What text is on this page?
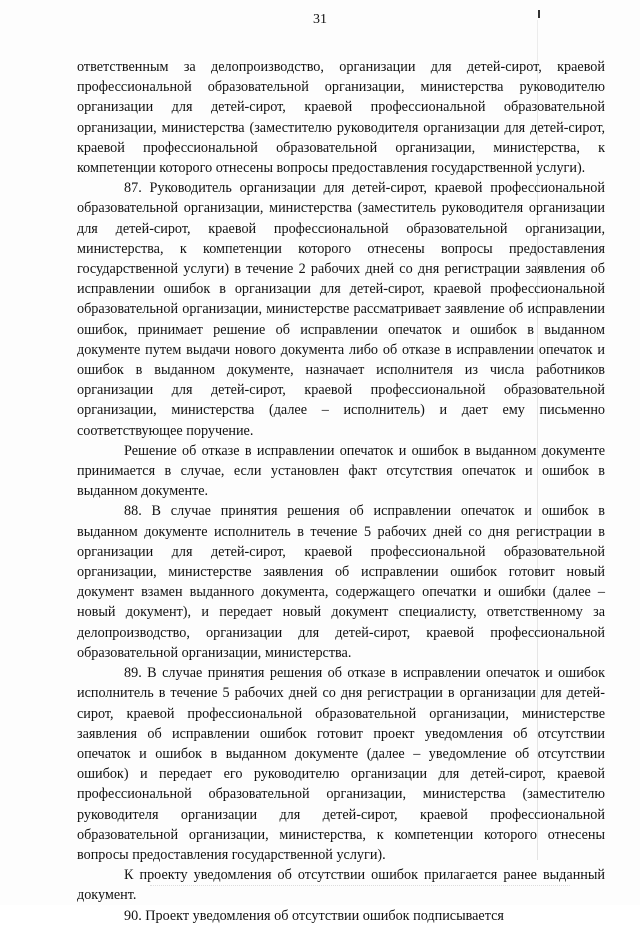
31

ответственным за делопроизводство, организации для детей-сирот, краевой профессиональной образовательной организации, министерства руководителю организации для детей-сирот, краевой профессиональной образовательной организации, министерства (заместителю руководителя организации для детей-сирот, краевой профессиональной образовательной организации, министерства, к компетенции которого отнесены вопросы предоставления государственной услуги).

87. Руководитель организации для детей-сирот, краевой профессиональной образовательной организации, министерства (заместитель руководителя организации для детей-сирот, краевой профессиональной образовательной организации, министерства, к компетенции которого отнесены вопросы предоставления государственной услуги) в течение 2 рабочих дней со дня регистрации заявления об исправлении ошибок в организации для детей-сирот, краевой профессиональной образовательной организации, министерстве рассматривает заявление об исправлении ошибок, принимает решение об исправлении опечаток и ошибок в выданном документе путем выдачи нового документа либо об отказе в исправлении опечаток и ошибок в выданном документе, назначает исполнителя из числа работников организации для детей-сирот, краевой профессиональной образовательной организации, министерства (далее – исполнитель) и дает ему письменно соответствующее поручение.

Решение об отказе в исправлении опечаток и ошибок в выданном документе принимается в случае, если установлен факт отсутствия опечаток и ошибок в выданном документе.

88. В случае принятия решения об исправлении опечаток и ошибок в выданном документе исполнитель в течение 5 рабочих дней со дня регистрации в организации для детей-сирот, краевой профессиональной образовательной организации, министерстве заявления об исправлении ошибок готовит новый документ взамен выданного документа, содержащего опечатки и ошибки (далее – новый документ), и передает новый документ специалисту, ответственному за делопроизводство, организации для детей-сирот, краевой профессиональной образовательной организации, министерства.

89. В случае принятия решения об отказе в исправлении опечаток и ошибок исполнитель в течение 5 рабочих дней со дня регистрации в организации для детей-сирот, краевой профессиональной образовательной организации, министерстве заявления об исправлении ошибок готовит проект уведомления об отсутствии опечаток и ошибок в выданном документе (далее – уведомление об отсутствии ошибок) и передает его руководителю организации для детей-сирот, краевой профессиональной образовательной организации, министерства (заместителю руководителя организации для детей-сирот, краевой профессиональной образовательной организации, министерства, к компетенции которого отнесены вопросы предоставления государственной услуги).

К проекту уведомления об отсутствии ошибок прилагается ранее выданный документ.

90. Проект уведомления об отсутствии ошибок подписывается
